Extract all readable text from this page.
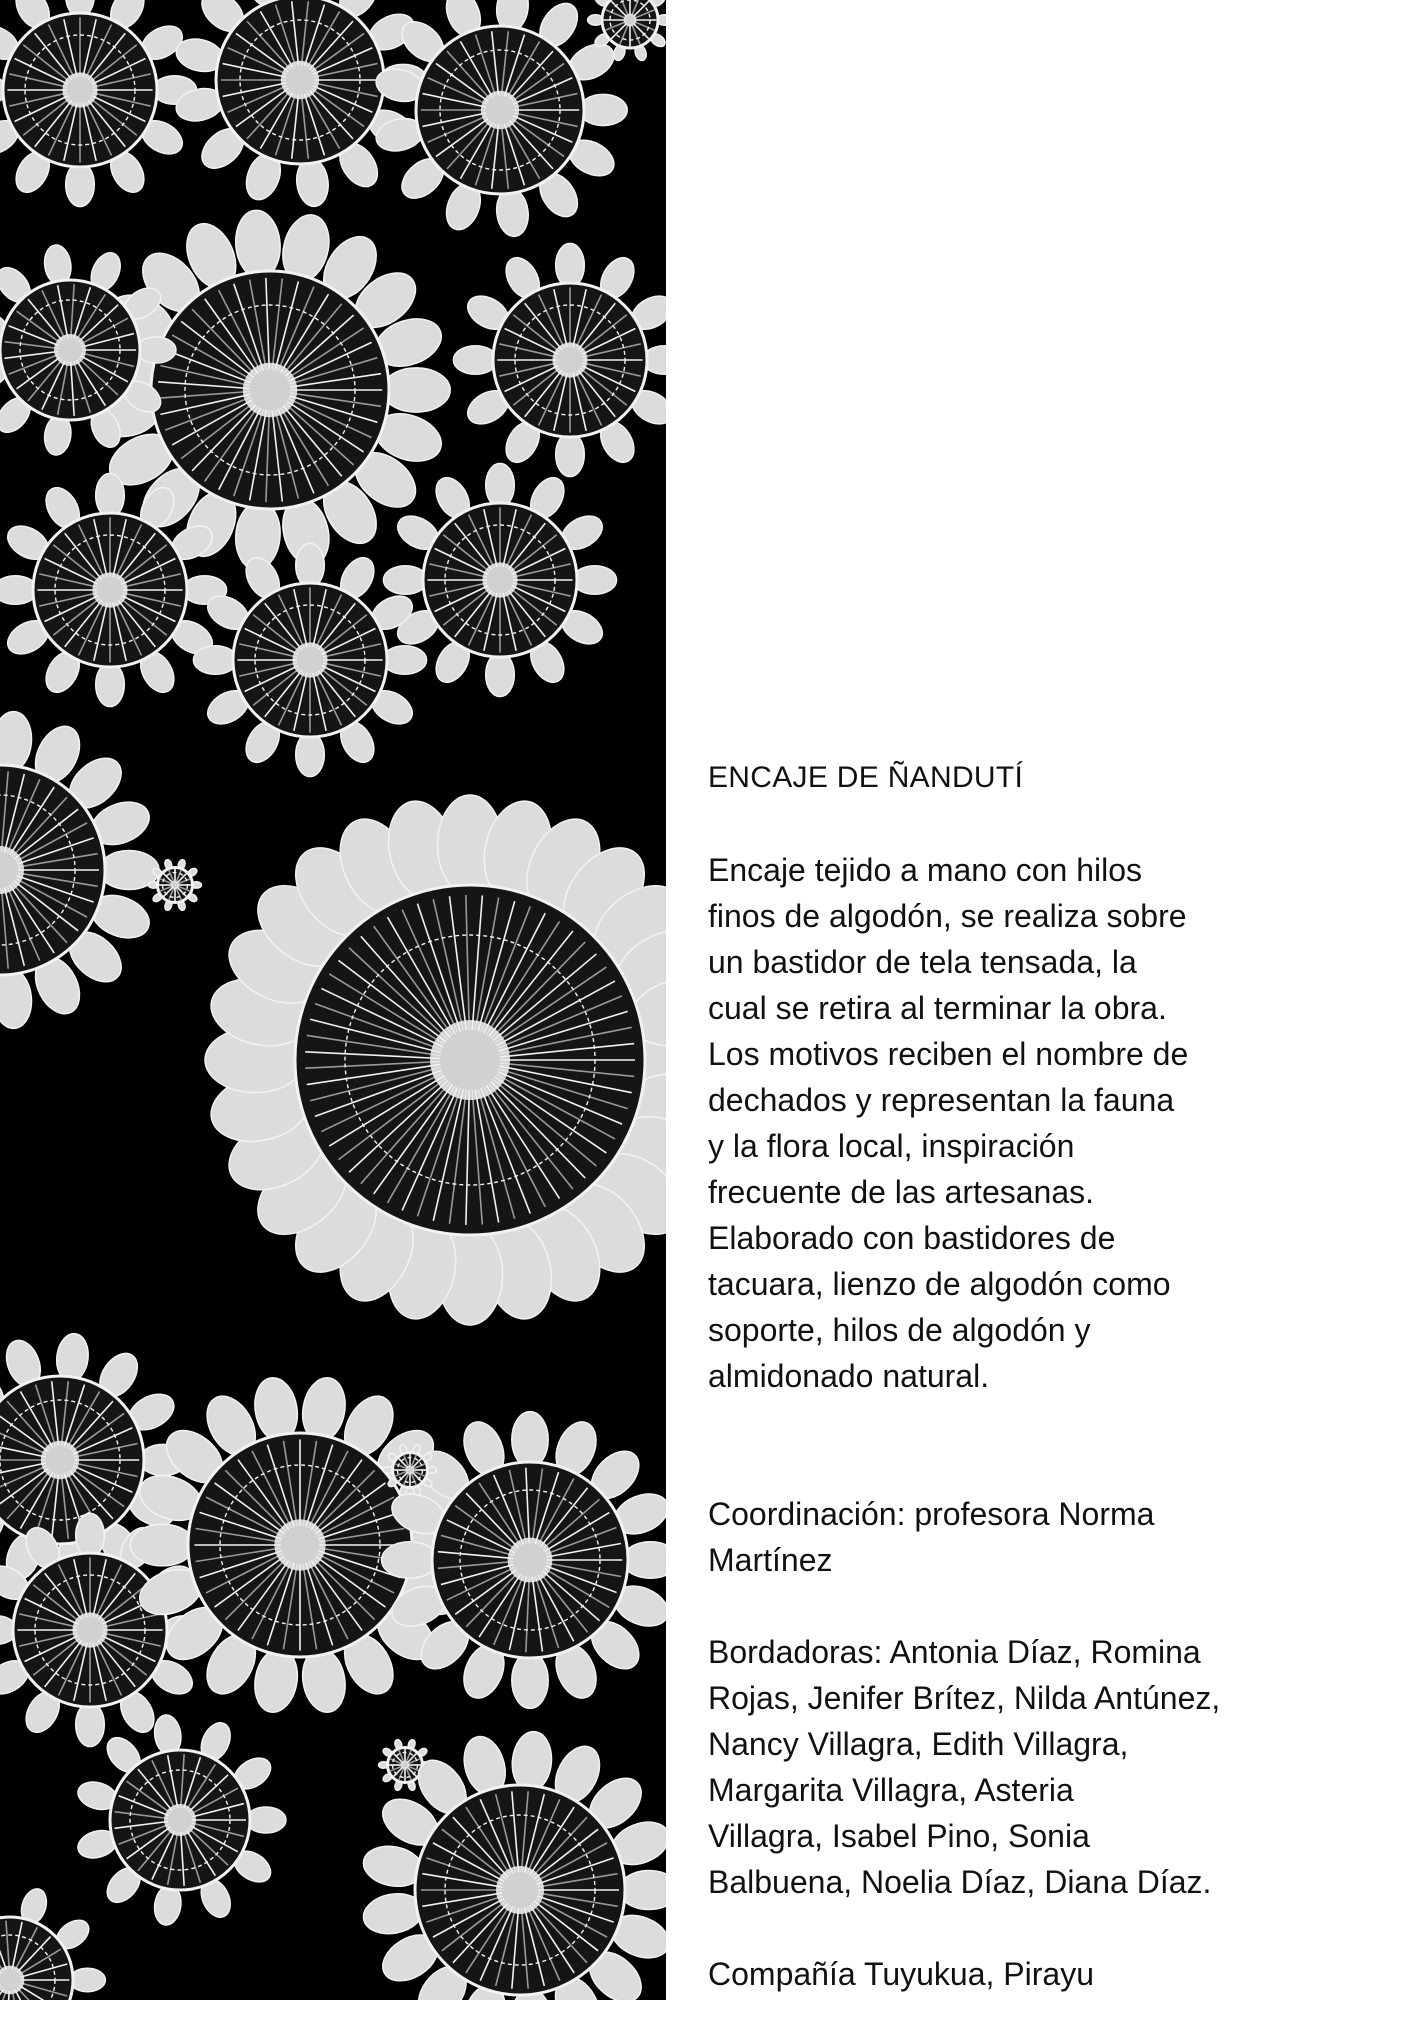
ENCAJE DE ÑANDUTÍ
Encaje tejido a mano con hilos
finos de algodón, se realiza sobre
un bastidor de tela tensada, la
cual se retira al terminar la obra.
Los motivos reciben el nombre de
dechados y representan la fauna
y la flora local, inspiración
frecuente de las artesanas.
Elaborado con bastidores de
tacuara, lienzo de algodón como
soporte, hilos de algodón y
almidonado natural.

Coordinación: profesora Norma
Martínez

Bordadoras: Antonia Díaz, Romina
Rojas, Jenifer Brítez, Nilda Antúnez,
Nancy Villagra, Edith Villagra,
Margarita Villagra, Asteria
Villagra, Isabel Pino, Sonia
Balbuena, Noelia Díaz, Diana Díaz.

Compañía Tuyukua, Pirayu
